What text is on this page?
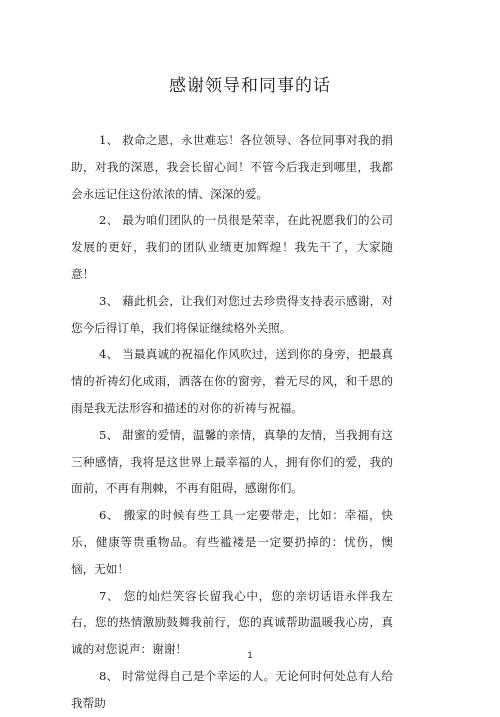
感谢领导和同事的话

1、 救命之恩，永世难忘！各位领导、各位同事对我的捐助，对我的深恩，我会长留心间！不管今后我走到哪里，我都会永远记住这份浓浓的情、深深的爱。

2、 最为咱们团队的一员很是荣幸，在此祝愿我们的公司发展的更好，我们的团队业绩更加辉煌！我先干了，大家随意！

3、 藉此机会，让我们对您过去珍贵得支持表示感谢，对您今后得订单，我们将保证继续格外关照。

4、 当最真诚的祝福化作风吹过，送到你的身旁，把最真情的祈祷幻化成雨，洒落在你的窗旁，着无尽的风，和千思的雨是我无法形容和描述的对你的祈祷与祝福。

5、 甜蜜的爱情，温馨的亲情，真挚的友情，当我拥有这三种感情，我将是这世界上最幸福的人，拥有你们的爱，我的面前，不再有荆棘，不再有阻碍，感谢你们。

6、 搬家的时候有些工具一定要带走，比如：幸福，快乐，健康等贵重物品。有些褴褛是一定要扔掉的：忧伤，懊恼，无如！

7、 您的灿烂笑容长留我心中，您的亲切话语永伴我左右，您的热情激励鼓舞我前行，您的真诚帮助温暖我心房，真诚的对您说声：谢谢！

8、 时常觉得自己是个幸运的人。无论何时何处总有人给我帮助

1
